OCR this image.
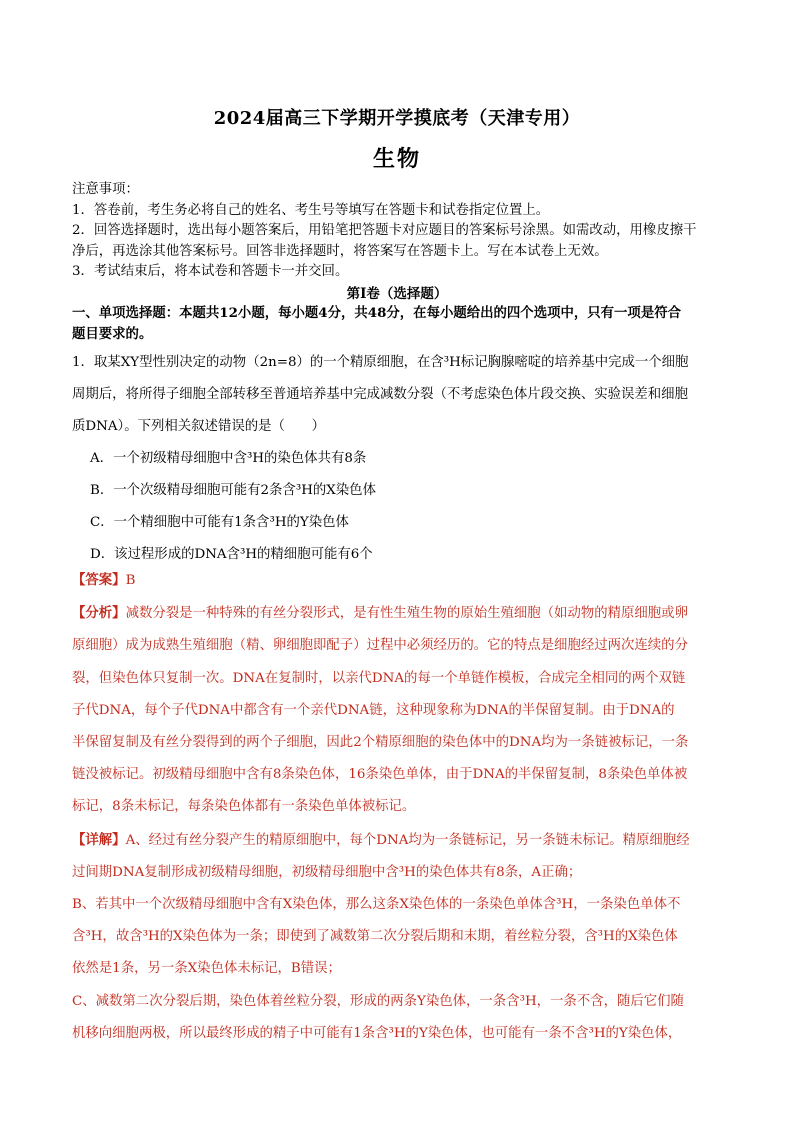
2024届高三下学期开学摸底考（天津专用）
生物

注意事项：

1．答卷前，考生务必将自己的姓名、考生号等填写在答题卡和试卷指定位置上。

2．回答选择题时，选出每小题答案后，用铅笔把答题卡对应题目的答案标号涂黑。如需改动，用橡皮擦干

净后，再选涂其他答案标号。回答非选择题时，将答案写在答题卡上。写在本试卷上无效。

3．考试结束后，将本试卷和答题卡一并交回。

第Ⅰ卷（选择题）
一、单项选择题：本题共12小题，每小题4分，共48分，在每小题给出的四个选项中，只有一项是符合
题目要求的。

1．取某XY型性别决定的动物（2n=8）的一个精原细胞，在含³H标记胸腺嘧啶的培养基中完成一个细胞

周期后，将所得子细胞全部转移至普通培养基中完成减数分裂（不考虑染色体片段交换、实验误差和细胞

质DNA）。下列相关叙述错误的是（　　）

A．一个初级精母细胞中含³H的染色体共有8条

B．一个次级精母细胞可能有2条含³H的X染色体

C．一个精细胞中可能有1条含³H的Y染色体

D．该过程形成的DNA含³H的精细胞可能有6个

【答案】B

【分析】减数分裂是一种特殊的有丝分裂形式，是有性生殖生物的原始生殖细胞（如动物的精原细胞或卵

原细胞）成为成熟生殖细胞（精、卵细胞即配子）过程中必须经历的。它的特点是细胞经过两次连续的分

裂，但染色体只复制一次。DNA在复制时，以亲代DNA的每一个单链作模板，合成完全相同的两个双链

子代DNA，每个子代DNA中都含有一个亲代DNA链，这种现象称为DNA的半保留复制。由于DNA的

半保留复制及有丝分裂得到的两个子细胞，因此2个精原细胞的染色体中的DNA均为一条链被标记，一条

链没被标记。初级精母细胞中含有8条染色体，16条染色单体，由于DNA的半保留复制，8条染色单体被

标记，8条未标记，每条染色体都有一条染色单体被标记。

【详解】A、经过有丝分裂产生的精原细胞中，每个DNA均为一条链标记，另一条链未标记。精原细胞经

过间期DNA复制形成初级精母细胞，初级精母细胞中含³H的染色体共有8条，A正确；

B、若其中一个次级精母细胞中含有X染色体，那么这条X染色体的一条染色单体含³H，一条染色单体不

含³H，故含³H的X染色体为一条；即使到了减数第二次分裂后期和末期，着丝粒分裂，含³H的X染色体

依然是1条，另一条X染色体未标记，B错误；

C、减数第二次分裂后期，染色体着丝粒分裂，形成的两条Y染色体，一条含³H，一条不含，随后它们随

机移向细胞两极，所以最终形成的精子中可能有1条含³H的Y染色体，也可能有一条不含³H的Y染色体，
